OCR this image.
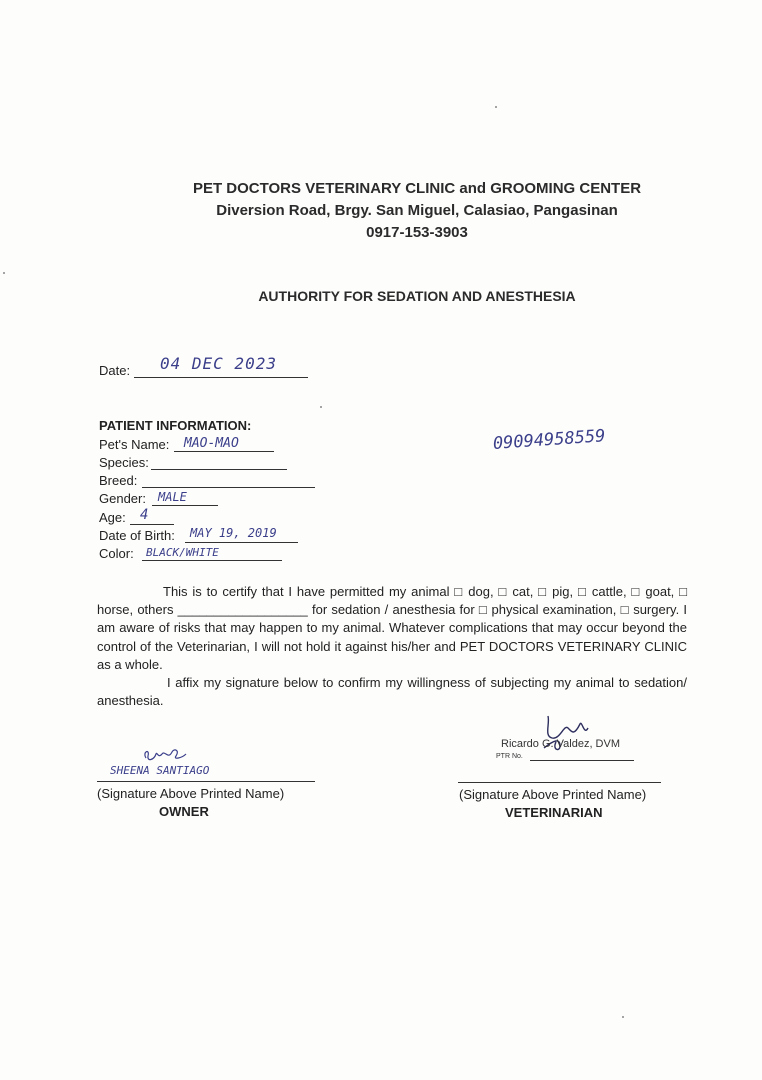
PET DOCTORS VETERINARY CLINIC and GROOMING CENTER
Diversion Road, Brgy. San Miguel, Calasiao, Pangasinan
0917-153-3903
AUTHORITY FOR SEDATION AND ANESTHESIA
Date: 04 DEC 2023
PATIENT INFORMATION:
Pet's Name: MAO-MAO
Species:
Breed:
Gender: MALE
Age: 4
Date of Birth: MAY 19, 2019
Color: BLACK/WHITE
09094958559

This is to certify that I have permitted my animal □ dog, □ cat, □ pig, □ cattle, □ goat, □ horse, others __________________ for sedation / anesthesia for □ physical examination, □ surgery. I am aware of risks that may happen to my animal. Whatever complications that may occur beyond the control of the Veterinarian, I will not hold it against his/her and PET DOCTORS VETERINARY CLINIC as a whole.

I affix my signature below to confirm my willingness of subjecting my animal to sedation/ anesthesia.

SHEENA SANTIAGO
(Signature Above Printed Name)
OWNER
Ricardo G. Valdez, DVM
PTR No.
(Signature Above Printed Name)
VETERINARIAN
